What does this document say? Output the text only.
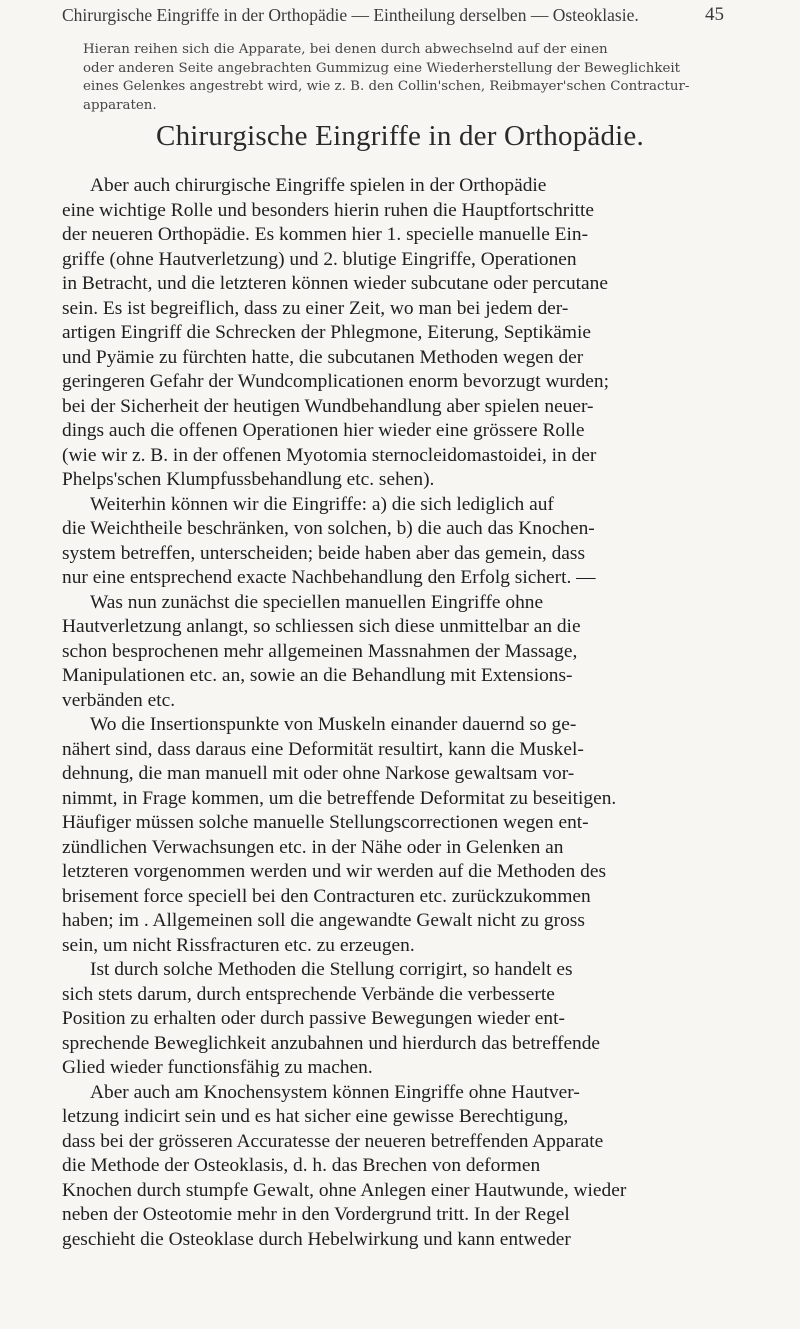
Chirurgische Eingriffe in der Orthopädie — Eintheilung derselben — Osteoklasie.	45

Hieran reihen sich die Apparate, bei denen durch abwechselnd auf der einen
oder anderen Seite angebrachten Gummizug eine Wiederherstellung der Beweglichkeit
eines Gelenkes angestrebt wird, wie z. B. den Collin'schen, Reibmayer'schen Contractur-
apparaten.

Chirurgische Eingriffe in der Orthopädie.
Aber auch chirurgische Eingriffe spielen in der Orthopädie
eine wichtige Rolle und besonders hierin ruhen die Hauptfortschritte
der neueren Orthopädie. Es kommen hier 1. specielle manuelle Ein-
griffe (ohne Hautverletzung) und 2. blutige Eingriffe, Operationen
in Betracht, und die letzteren können wieder subcutane oder percutane
sein. Es ist begreiflich, dass zu einer Zeit, wo man bei jedem der-
artigen Eingriff die Schrecken der Phlegmone, Eiterung, Septikämie
und Pyämie zu fürchten hatte, die subcutanen Methoden wegen der
geringeren Gefahr der Wundcomplicationen enorm bevorzugt wurden;
bei der Sicherheit der heutigen Wundbehandlung aber spielen neuer-
dings auch die offenen Operationen hier wieder eine grössere Rolle
(wie wir z. B. in der offenen Myotomia sternocleidomastoidei, in der
Phelps'schen Klumpfussbehandlung etc. sehen).
Weiterhin können wir die Eingriffe: a) die sich lediglich auf
die Weichtheile beschränken, von solchen, b) die auch das Knochen-
system betreffen, unterscheiden; beide haben aber das gemein, dass
nur eine entsprechend exacte Nachbehandlung den Erfolg sichert. —
Was nun zunächst die speciellen manuellen Eingriffe ohne
Hautverletzung anlangt, so schliessen sich diese unmittelbar an die
schon besprochenen mehr allgemeinen Massnahmen der Massage,
Manipulationen etc. an, sowie an die Behandlung mit Extensions-
verbänden etc.
Wo die Insertionspunkte von Muskeln einander dauernd so ge-
nähert sind, dass daraus eine Deformität resultirt, kann die Muskel-
dehnung, die man manuell mit oder ohne Narkose gewaltsam vor-
nimmt, in Frage kommen, um die betreffende Deformitat zu beseitigen.
Häufiger müssen solche manuelle Stellungscorrectionen wegen ent-
zündlichen Verwachsungen etc. in der Nähe oder in Gelenken an
letzteren vorgenommen werden und wir werden auf die Methoden des
brisement force speciell bei den Contracturen etc. zurückzukommen
haben; im . Allgemeinen soll die angewandte Gewalt nicht zu gross
sein, um nicht Rissfracturen etc. zu erzeugen.
Ist durch solche Methoden die Stellung corrigirt, so handelt es
sich stets darum, durch entsprechende Verbände die verbesserte
Position zu erhalten oder durch passive Bewegungen wieder ent-
sprechende Beweglichkeit anzubahnen und hierdurch das betreffende
Glied wieder functionsfähig zu machen.
Aber auch am Knochensystem können Eingriffe ohne Hautver-
letzung indicirt sein und es hat sicher eine gewisse Berechtigung,
dass bei der grösseren Accuratesse der neueren betreffenden Apparate
die Methode der Osteoklasis, d. h. das Brechen von deformen
Knochen durch stumpfe Gewalt, ohne Anlegen einer Hautwunde, wieder
neben der Osteotomie mehr in den Vordergrund tritt. In der Regel
geschieht die Osteoklase durch Hebelwirkung und kann entweder
